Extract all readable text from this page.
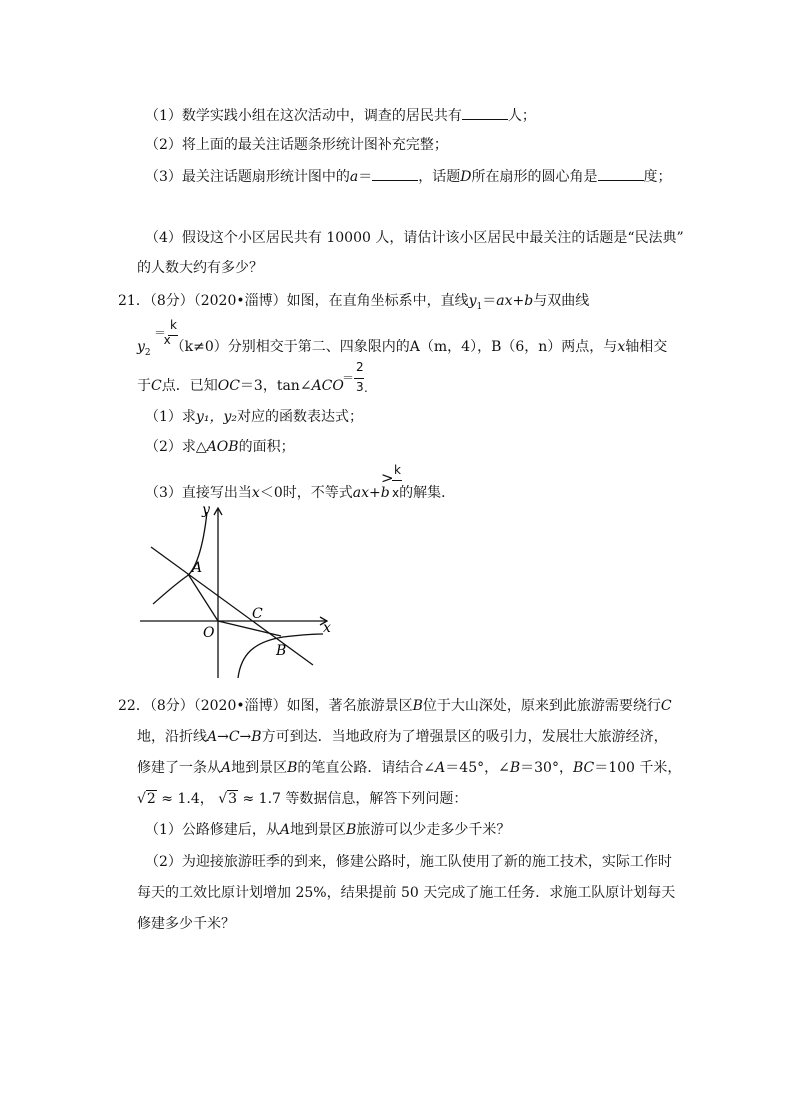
（1）数学实践小组在这次活动中，调查的居民共有	人；
（2）将上面的最关注话题条形统计图补充完整；
（3）最关注话题扇形统计图中的a＝	，话题D所在扇形的圆心角是	度；
（4）假设这个小区居民共有 10000 人，请估计该小区居民中最关注的话题是“民法典”
的人数大约有多少？
21．（8分）（2020•淄博）如图，在直角坐标系中，直线$y_1=ax+b$与双曲线
＝
k
$y_2$  x（k≠0）分别相交于第二、四象限内的A（m，4），B（6，n）两点，与x轴相交
于C点．已知OC＝3，tan∠ACO
＝
2
3 .
（1）求y₁，y₂对应的函数表达式；
（2）求△AOB的面积；
（3）直接写出当x＜0时，不等式ax+b
> k
x的解集．
y
x
A
C
O
B
22．（8分）（2020•淄博）如图，著名旅游景区B位于大山深处，原来到此旅游需要绕行C
地，沿折线A→C→B方可到达．当地政府为了增强景区的吸引力，发展壮大旅游经济，
修建了一条从A地到景区B的笔直公路．请结合∠A＝45°，∠B＝30°，BC＝100 千米，
√2 ≈ 1.4， √3 ≈ 1.7 等数据信息，解答下列问题：
（1）公路修建后，从A地到景区B旅游可以少走多少千米？
（2）为迎接旅游旺季的到来，修建公路时，施工队使用了新的施工技术，实际工作时
每天的工效比原计划增加 25%，结果提前 50 天完成了施工任务．求施工队原计划每天
修建多少千米？
